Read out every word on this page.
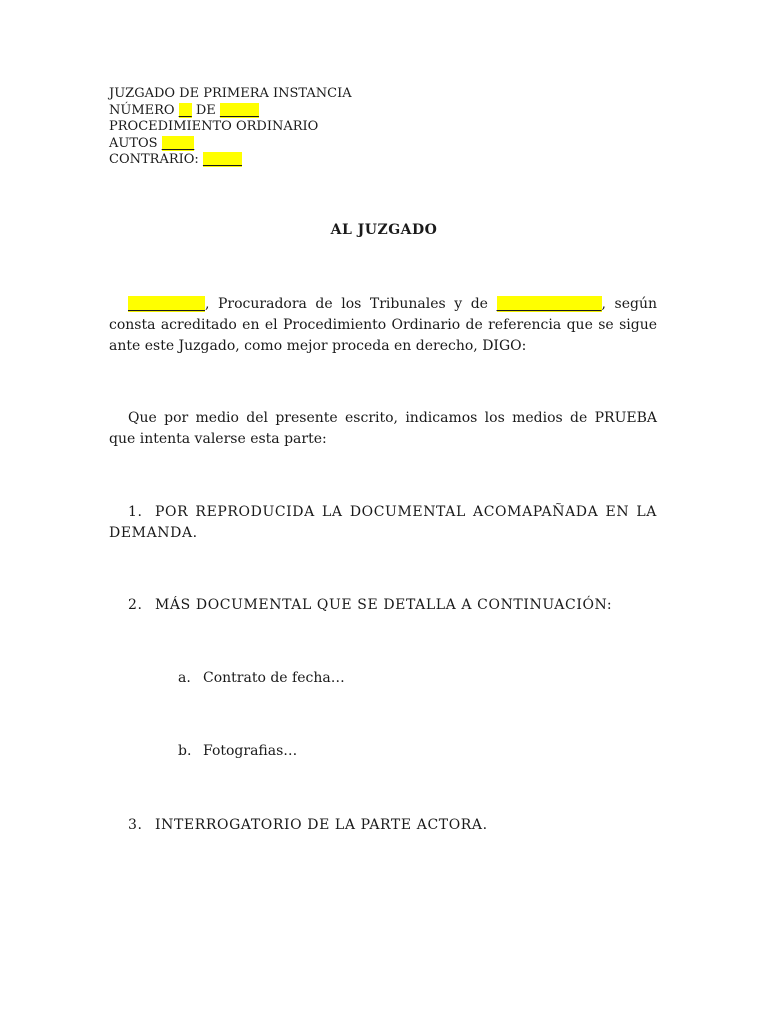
JUZGADO DE PRIMERA INSTANCIA
NÚMERO __ DE ______
PROCEDIMIENTO ORDINARIO
AUTOS _____
CONTRARIO: ______
AL JUZGADO

___________, Procuradora de los Tribunales y de _______________, según consta acreditado en el Procedimiento Ordinario de referencia que se sigue ante este Juzgado, como mejor proceda en derecho, DIGO:

Que por medio del presente escrito, indicamos los medios de PRUEBA que intenta valerse esta parte:

1. POR REPRODUCIDA LA DOCUMENTAL ACOMAPAÑADA EN LA DEMANDA.
2. MÁS DOCUMENTAL QUE SE DETALLA A CONTINUACIÓN:
a. Contrato de fecha…
b. Fotografias…
3. INTERROGATORIO DE LA PARTE ACTORA.
